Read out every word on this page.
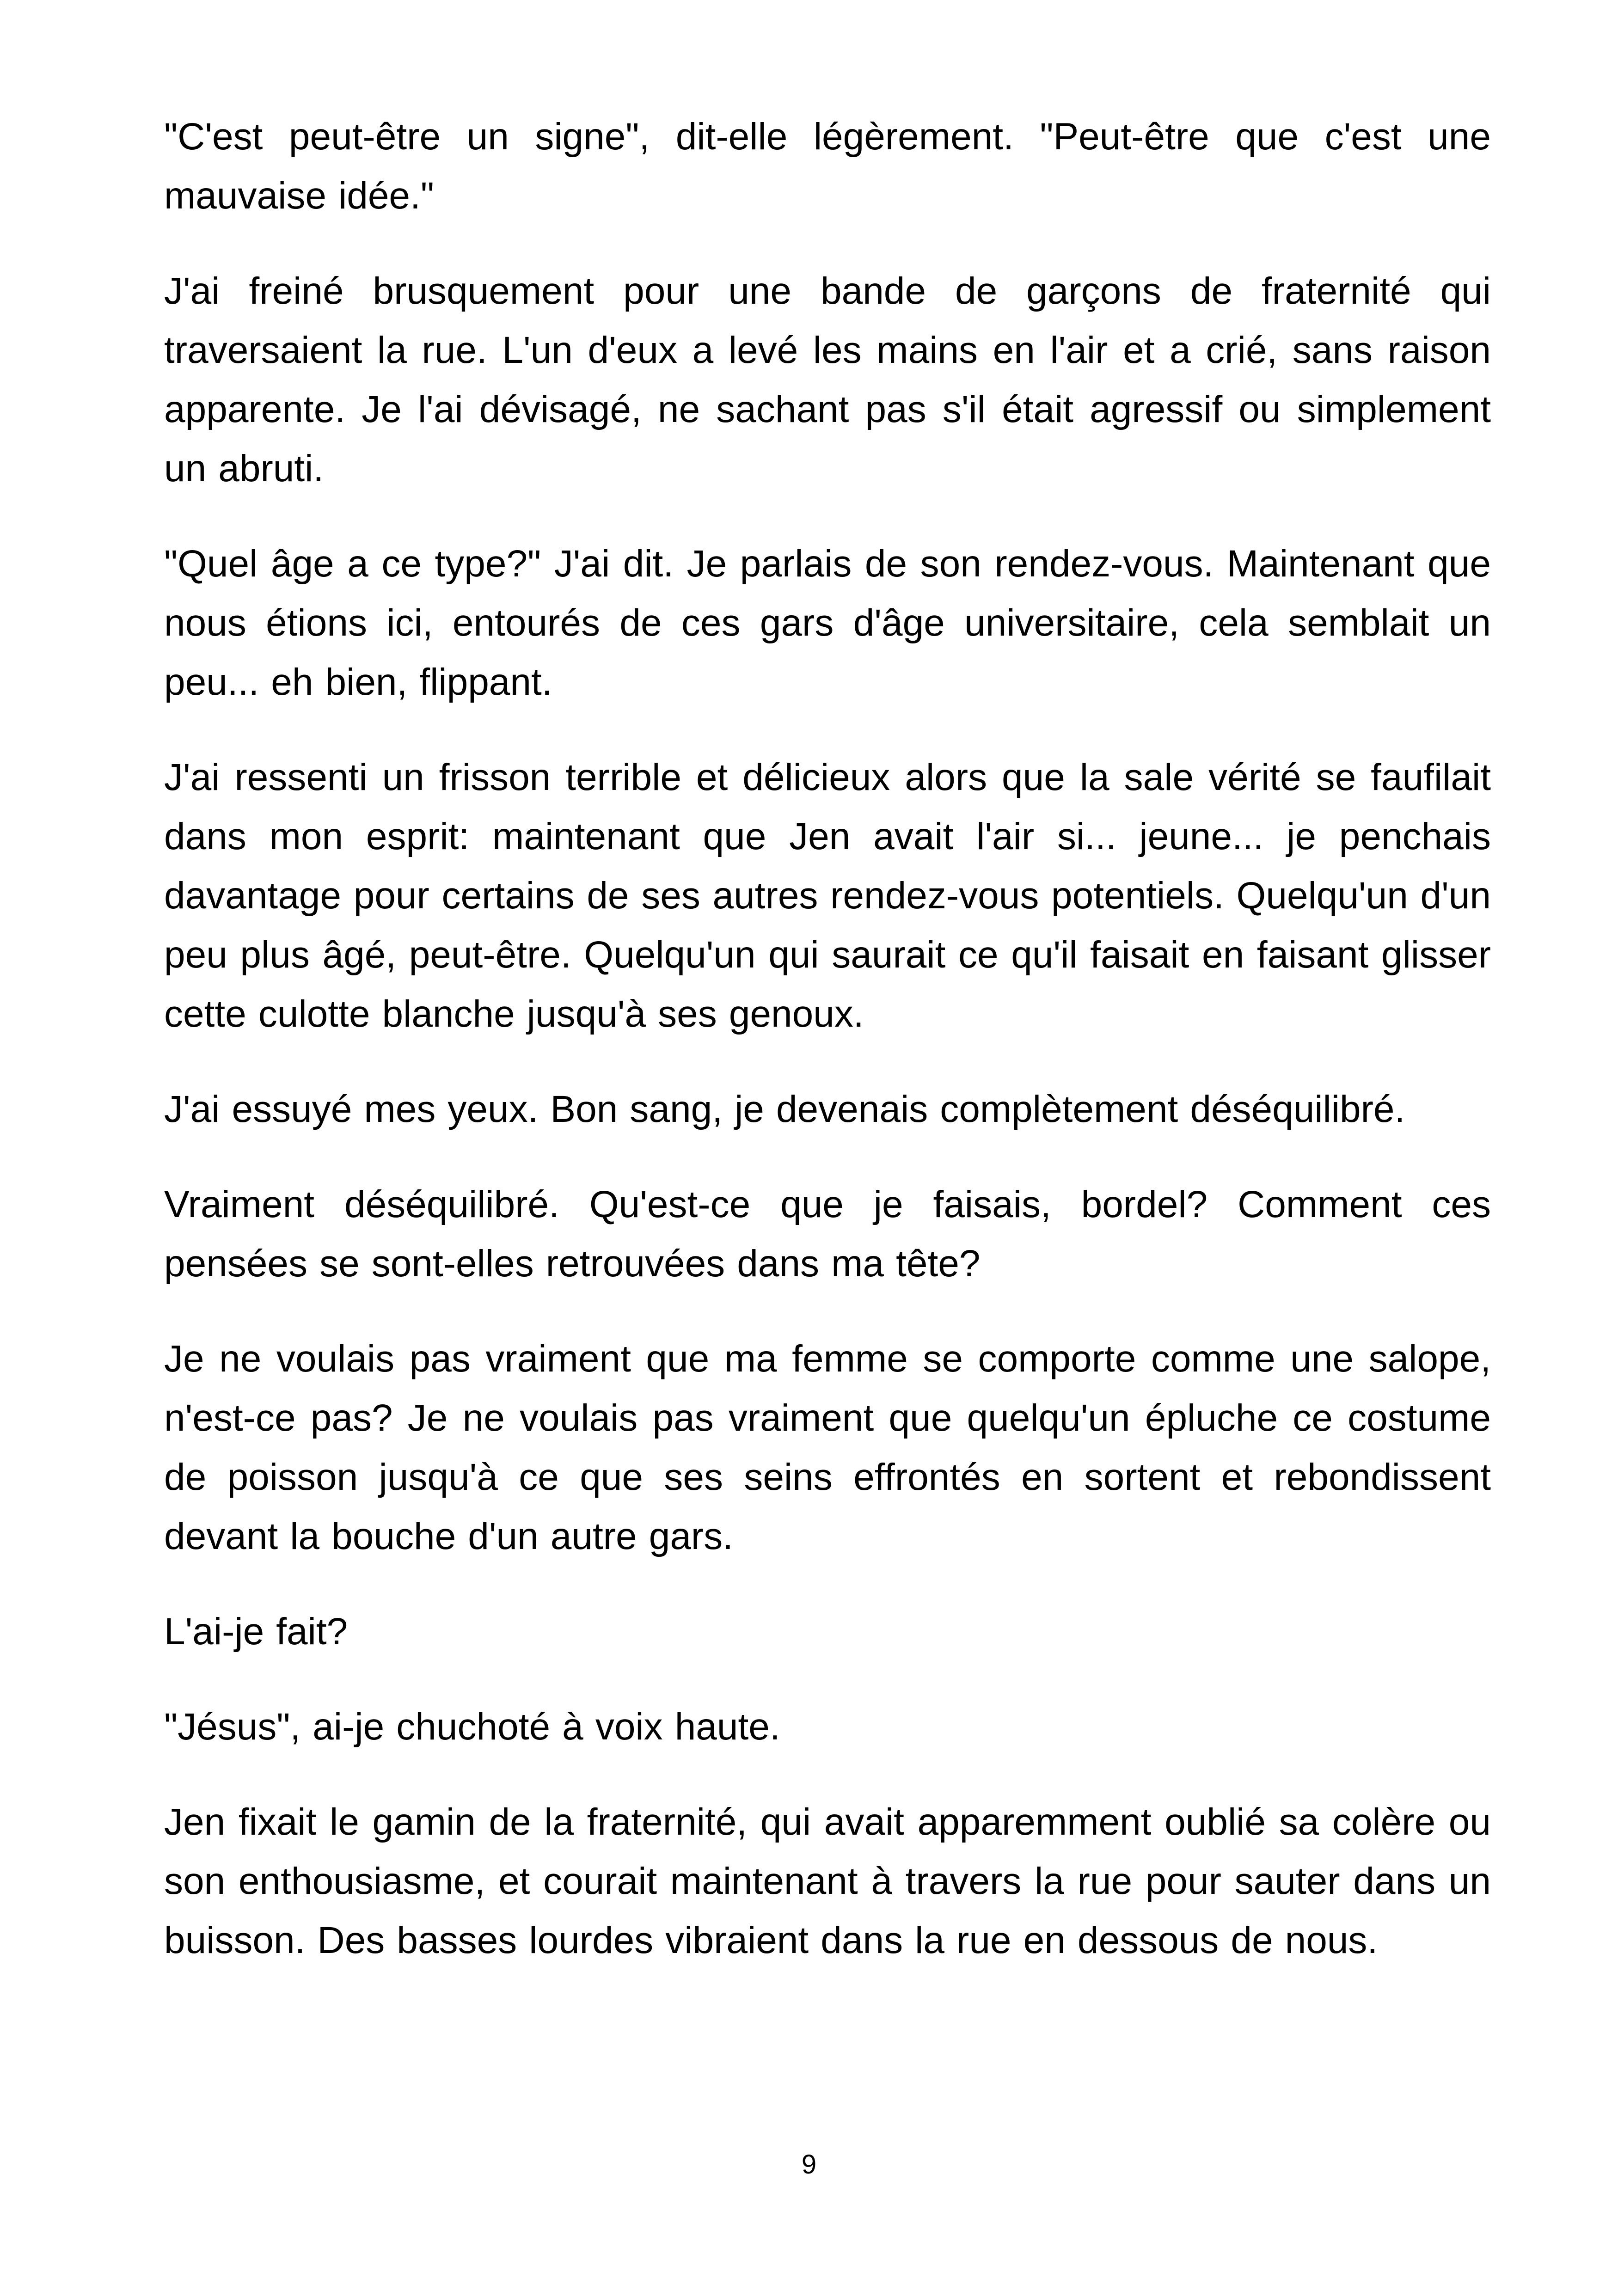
"C'est peut-être un signe", dit-elle légèrement. "Peut-être que c'est une mauvaise idée."

J'ai freiné brusquement pour une bande de garçons de fraternité qui traversaient la rue. L'un d'eux a levé les mains en l'air et a crié, sans raison apparente. Je l'ai dévisagé, ne sachant pas s'il était agressif ou simplement un abruti.

"Quel âge a ce type?" J'ai dit. Je parlais de son rendez-vous. Maintenant que nous étions ici, entourés de ces gars d'âge universitaire, cela semblait un peu... eh bien, flippant.

J'ai ressenti un frisson terrible et délicieux alors que la sale vérité se faufilait dans mon esprit: maintenant que Jen avait l'air si... jeune... je penchais davantage pour certains de ses autres rendez-vous potentiels. Quelqu'un d'un peu plus âgé, peut-être. Quelqu'un qui saurait ce qu'il faisait en faisant glisser cette culotte blanche jusqu'à ses genoux.

J'ai essuyé mes yeux. Bon sang, je devenais complètement déséquilibré.

Vraiment déséquilibré. Qu'est-ce que je faisais, bordel? Comment ces pensées se sont-elles retrouvées dans ma tête?

Je ne voulais pas vraiment que ma femme se comporte comme une salope, n'est-ce pas? Je ne voulais pas vraiment que quelqu'un épluche ce costume de poisson jusqu'à ce que ses seins effrontés en sortent et rebondissent devant la bouche d'un autre gars.

L'ai-je fait?

"Jésus", ai-je chuchoté à voix haute.

Jen fixait le gamin de la fraternité, qui avait apparemment oublié sa colère ou son enthousiasme, et courait maintenant à travers la rue pour sauter dans un buisson. Des basses lourdes vibraient dans la rue en dessous de nous.

9
